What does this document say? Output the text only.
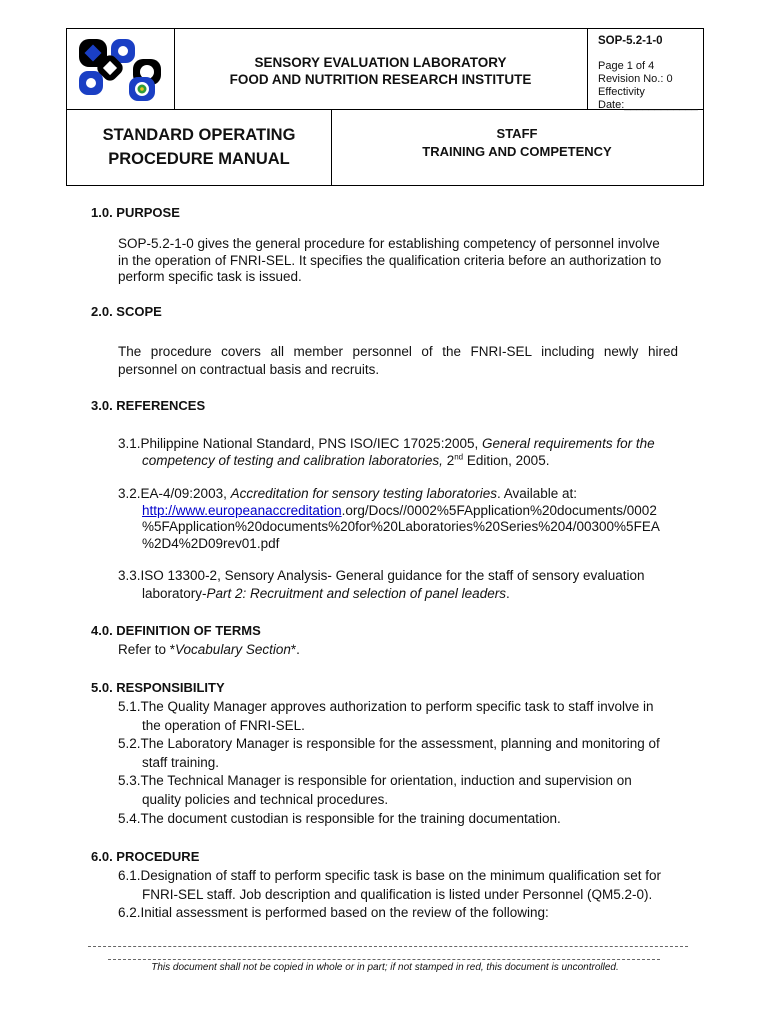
SENSORY EVALUATION LABORATORY
FOOD AND NUTRITION RESEARCH INSTITUTE
SOP-5.2-1-0
Page 1 of 4
Revision No.: 0
Effectivity Date:____________
STANDARD OPERATING
PROCEDURE MANUAL
STAFF
TRAINING AND COMPETENCY
1.0. PURPOSE
SOP-5.2-1-0 gives the general procedure for establishing competency of personnel involve
in the operation of FNRI-SEL. It specifies the qualification criteria before an authorization to
perform specific task is issued.
2.0. SCOPE
The procedure covers all member personnel of the FNRI-SEL including newly hired
personnel on contractual basis and recruits.
3.0. REFERENCES
3.1.Philippine National Standard, PNS ISO/IEC 17025:2005, General requirements for the
competency of testing and calibration laboratories, 2nd Edition, 2005.
3.2.EA-4/09:2003, Accreditation for sensory testing laboratories. Available at:
http://www.europeanaccreditation.org/Docs//0002%5FApplication%20documents/0002
%5FApplication%20documents%20for%20Laboratories%20Series%204/00300%5FEA
%2D4%2D09rev01.pdf
3.3.ISO 13300-2, Sensory Analysis- General guidance for the staff of sensory evaluation
laboratory-Part 2: Recruitment and selection of panel leaders.
4.0. DEFINITION OF TERMS
Refer to *Vocabulary Section*.
5.0. RESPONSIBILITY
5.1.The Quality Manager approves authorization to perform specific task to staff involve in
the operation of FNRI-SEL.
5.2.The Laboratory Manager is responsible for the assessment, planning and monitoring of
staff training.
5.3.The Technical Manager is responsible for orientation, induction and supervision on
quality policies and technical procedures.
5.4.The document custodian is responsible for the training documentation.
6.0. PROCEDURE
6.1.Designation of staff to perform specific task is base on the minimum qualification set for
FNRI-SEL staff. Job description and qualification is listed under Personnel (QM5.2-0).
6.2.Initial assessment is performed based on the review of the following:
This document shall not be copied in whole or in part; if not stamped in red, this document is uncontrolled.
